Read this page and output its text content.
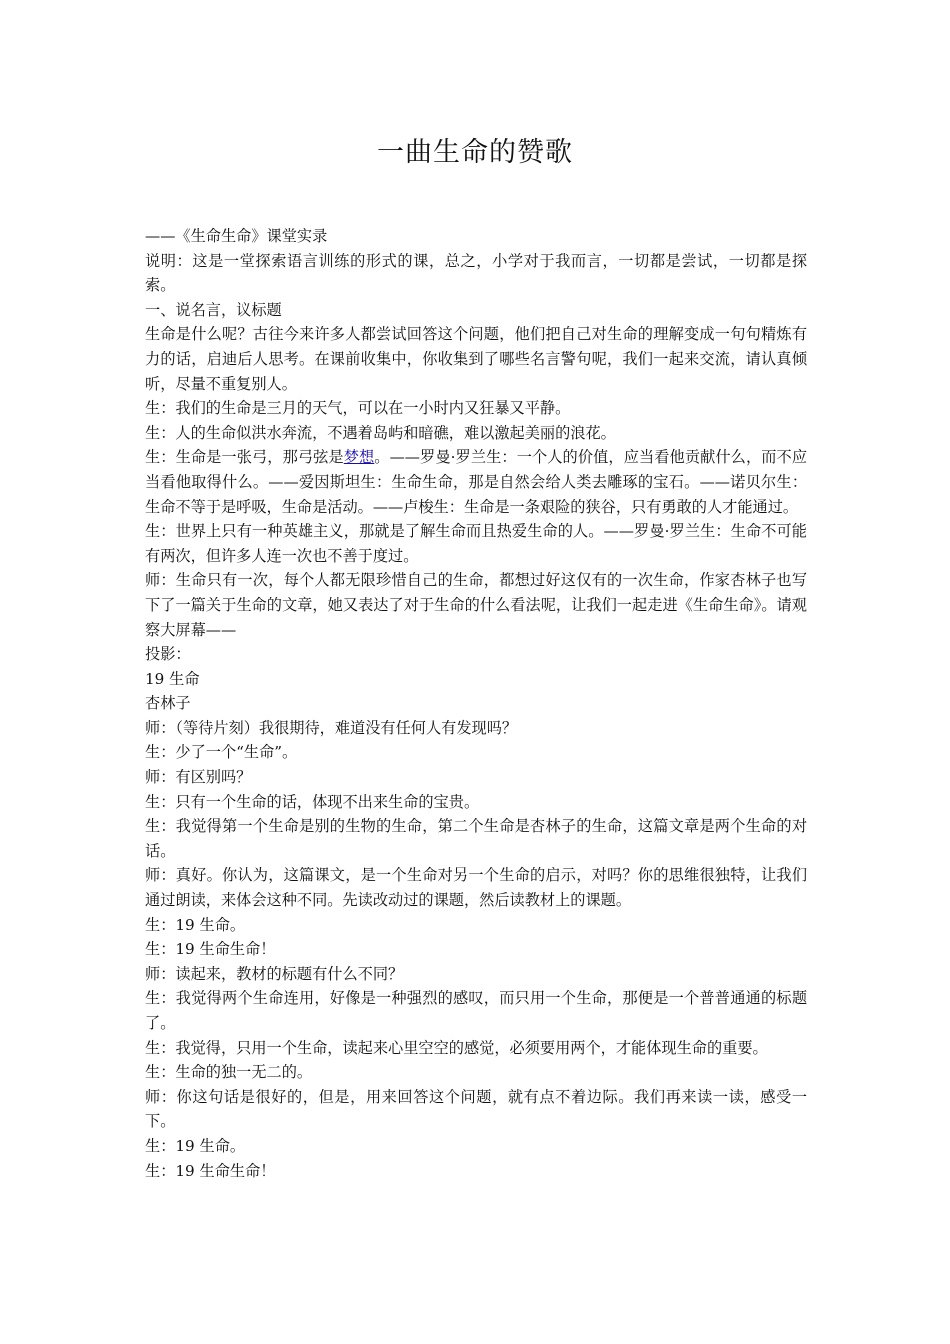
一曲生命的赞歌

——《生命生命》课堂实录

说明：这是一堂探索语言训练的形式的课，总之，小学对于我而言，一切都是尝试，一切都是探索。

一、说名言，议标题

生命是什么呢？古往今来许多人都尝试回答这个问题，他们把自己对生命的理解变成一句句精炼有力的话，启迪后人思考。在课前收集中，你收集到了哪些名言警句呢，我们一起来交流，请认真倾听，尽量不重复别人。

生：我们的生命是三月的天气，可以在一小时内又狂暴又平静。

生：人的生命似洪水奔流，不遇着岛屿和暗礁，难以激起美丽的浪花。

生：生命是一张弓，那弓弦是梦想。——罗曼·罗兰生：一个人的价值，应当看他贡献什么，而不应当看他取得什么。——爱因斯坦生：生命生命，那是自然会给人类去雕琢的宝石。——诺贝尔生：生命不等于是呼吸，生命是活动。——卢梭生：生命是一条艰险的狭谷，只有勇敢的人才能通过。

生：世界上只有一种英雄主义，那就是了解生命而且热爱生命的人。——罗曼·罗兰生：生命不可能有两次，但许多人连一次也不善于度过。

师：生命只有一次，每个人都无限珍惜自己的生命，都想过好这仅有的一次生命，作家杏林子也写下了一篇关于生命的文章，她又表达了对于生命的什么看法呢，让我们一起走进《生命生命》。请观察大屏幕——

投影：

19 生命

杏林子

师：（等待片刻）我很期待，难道没有任何人有发现吗？

生：少了一个“生命”。

师：有区别吗？

生：只有一个生命的话，体现不出来生命的宝贵。

生：我觉得第一个生命是别的生物的生命，第二个生命是杏林子的生命，这篇文章是两个生命的对话。

师：真好。你认为，这篇课文，是一个生命对另一个生命的启示，对吗？你的思维很独特，让我们通过朗读，来体会这种不同。先读改动过的课题，然后读教材上的课题。

生：19 生命。

生：19 生命生命！

师：读起来，教材的标题有什么不同？

生：我觉得两个生命连用，好像是一种强烈的感叹，而只用一个生命，那便是一个普普通通的标题了。

生：我觉得，只用一个生命，读起来心里空空的感觉，必须要用两个，才能体现生命的重要。

生：生命的独一无二的。

师：你这句话是很好的，但是，用来回答这个问题，就有点不着边际。我们再来读一读，感受一下。

生：19 生命。

生：19 生命生命！
